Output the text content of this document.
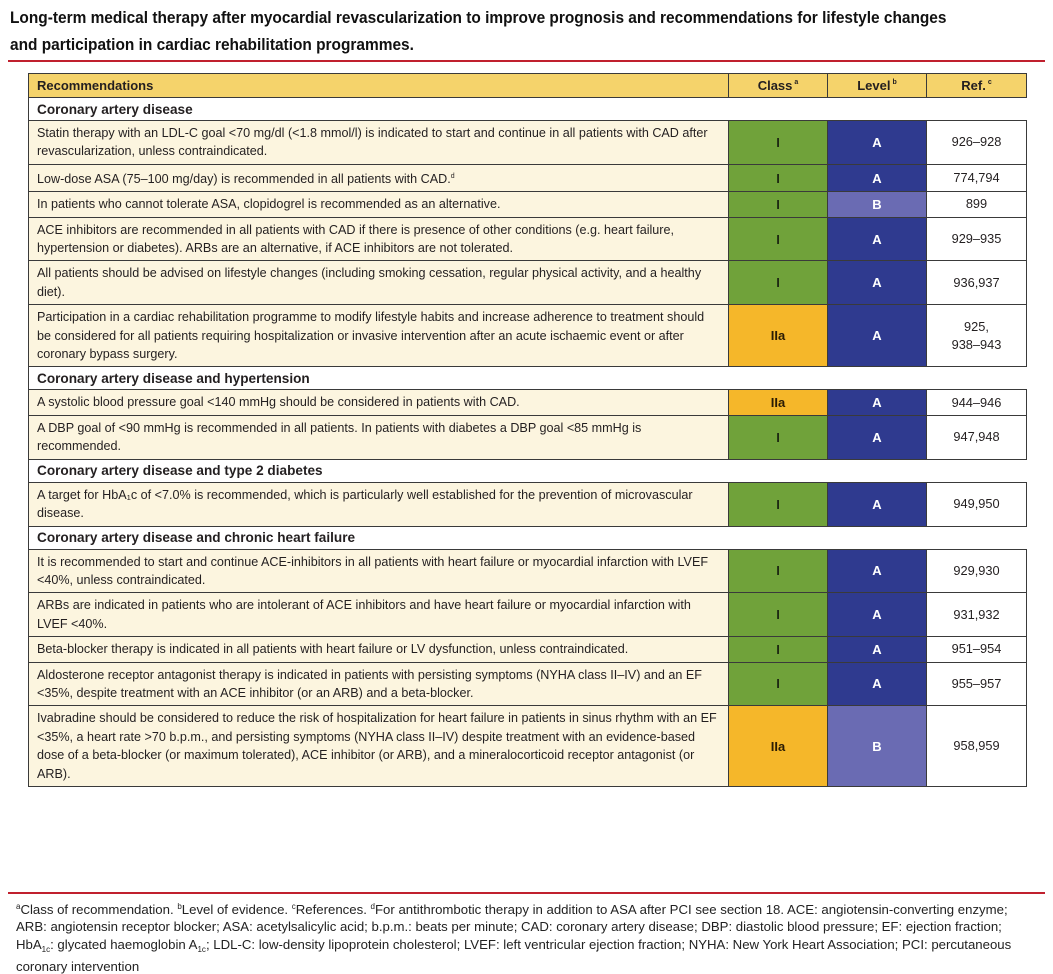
Long-term medical therapy after myocardial revascularization to improve prognosis and recommendations for lifestyle changes and participation in cardiac rehabilitation programmes.
Recommendations	Class $^a$	Level $^b$	Ref. $^c$
Coronary artery disease			
Statin therapy with an LDL-C goal <70 mg/dl (<1.8 mmol/l) is indicated to start and continue in all patients with CAD after revascularization, unless contraindicated.	I	A	926–928

Low-dose ASA (75–100 mg/day) is recommended in all patients with CAD.$^d$	I	A	774,794

In patients who cannot tolerate ASA, clopidogrel is recommended as an alternative.	I	B	899

ACE inhibitors are recommended in all patients with CAD if there is presence of other conditions (e.g. heart failure, hypertension or diabetes). ARBs are an alternative, if ACE inhibitors are not tolerated.	I	A	929–935

All patients should be advised on lifestyle changes (including smoking cessation, regular physical activity, and a healthy diet).	I	A	936,937

Participation in a cardiac rehabilitation programme to modify lifestyle habits and increase adherence to treatment should be considered for all patients requiring hospitalization or invasive intervention after an acute ischaemic event or after coronary bypass surgery.	IIa	A	925,
938–943

Coronary artery disease and hypertension			
A systolic blood pressure goal <140 mmHg should be considered in patients with CAD.	IIa	A	944–946

A DBP goal of <90 mmHg is recommended in all patients. In patients with diabetes a DBP goal <85 mmHg is recommended.	I	A	947,948

Coronary artery disease and type 2 diabetes			
A target for HbA₁c of <7.0% is recommended, which is particularly well established for the prevention of microvascular disease.	I	A	949,950

Coronary artery disease and chronic heart failure			
It is recommended to start and continue ACE-inhibitors in all patients with heart failure or myocardial infarction with LVEF <40%, unless contraindicated.	I	A	929,930

ARBs are indicated in patients who are intolerant of ACE inhibitors and have heart failure or myocardial infarction with LVEF <40%.	I	A	931,932

Beta-blocker therapy is indicated in all patients with heart failure or LV dysfunction, unless contraindicated.	I	A	951–954

Aldosterone receptor antagonist therapy is indicated in patients with persisting symptoms (NYHA class II–IV) and an EF <35%, despite treatment with an ACE inhibitor (or an ARB) and a beta-blocker.	I	A	955–957

Ivabradine should be considered to reduce the risk of hospitalization for heart failure in patients in sinus rhythm with an EF <35%, a heart rate >70 b.p.m., and persisting symptoms (NYHA class II–IV) despite treatment with an evidence-based dose of a beta-blocker (or maximum tolerated), ACE inhibitor (or ARB), and a mineralocorticoid receptor antagonist (or ARB).	IIa	B	958,959
$^a$Class of recommendation. $^b$Level of evidence. $^c$References. $^d$For antithrombotic therapy in addition to ASA after PCI see section 18. ACE: angiotensin-converting enzyme; ARB: angiotensin receptor blocker; ASA: acetylsalicylic acid; b.p.m.: beats per minute; CAD: coronary artery disease; DBP: diastolic blood pressure; EF: ejection fraction; HbA$_{1c}$: glycated haemoglobin $A_{1c}$; LDL-C: low-density lipoprotein cholesterol; LVEF: left ventricular ejection fraction; NYHA: New York Heart Association; PCI: percutaneous coronary intervention
